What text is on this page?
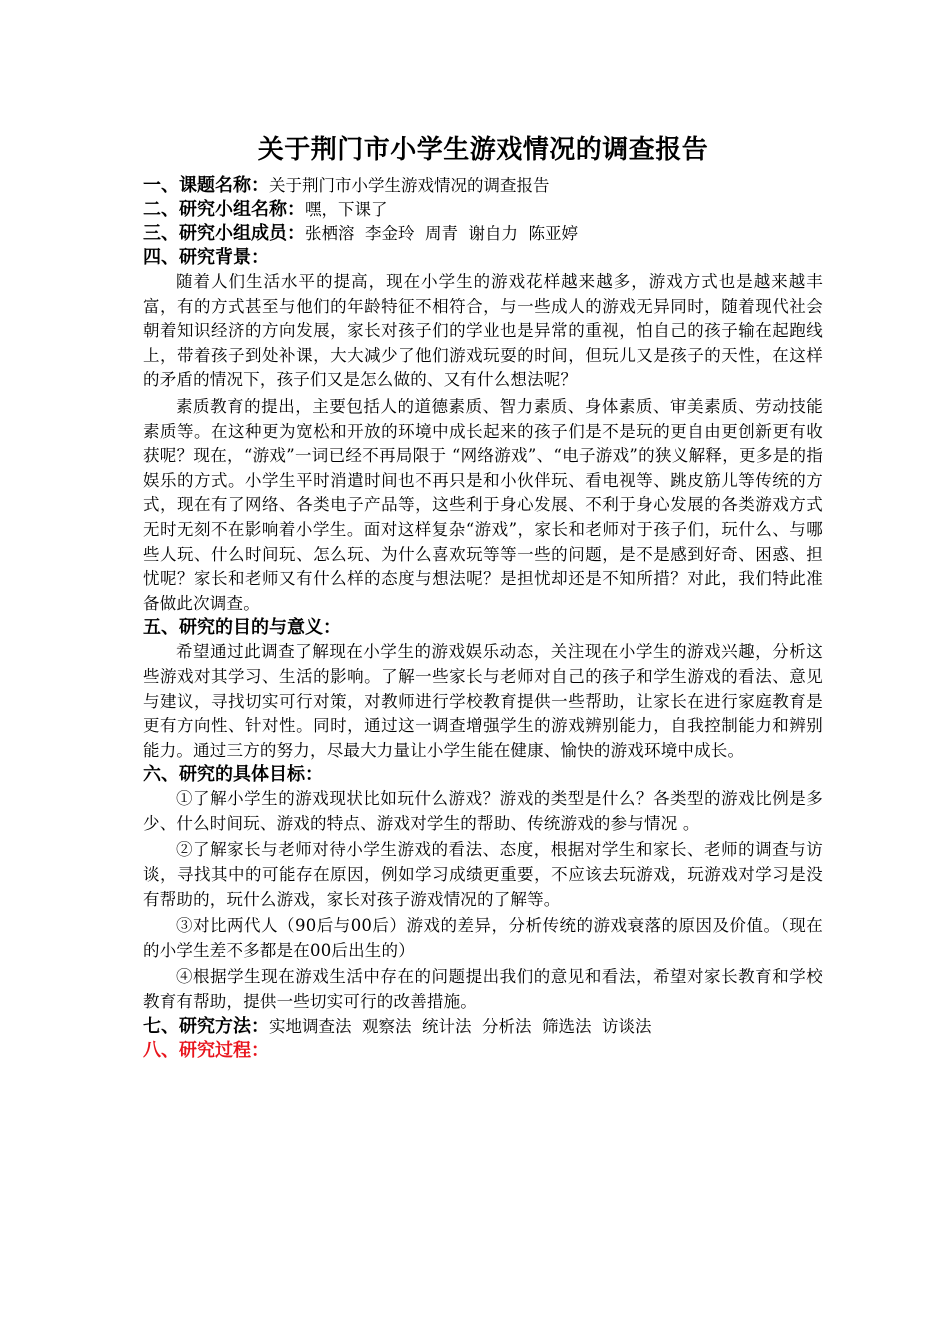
关于荆门市小学生游戏情况的调查报告
一、课题名称：关于荆门市小学生游戏情况的调查报告
二、研究小组名称：嘿，下课了
三、研究小组成员：张栖溶  李金玲  周青  谢自力  陈亚婷
四、研究背景：

随着人们生活水平的提高，现在小学生的游戏花样越来越多，游戏方式也是越来越丰富，有的方式甚至与他们的年龄特征不相符合，与一些成人的游戏无异同时，随着现代社会朝着知识经济的方向发展，家长对孩子们的学业也是异常的重视，怕自己的孩子输在起跑线上，带着孩子到处补课，大大减少了他们游戏玩耍的时间，但玩儿又是孩子的天性，在这样的矛盾的情况下，孩子们又是怎么做的、又有什么想法呢？

素质教育的提出，主要包括人的道德素质、智力素质、身体素质、审美素质、劳动技能素质等。在这种更为宽松和开放的环境中成长起来的孩子们是不是玩的更自由更创新更有收获呢？现在，“游戏”一词已经不再局限于 “网络游戏”、“电子游戏”的狭义解释，更多是的指娱乐的方式。小学生平时消遣时间也不再只是和小伙伴玩、看电视等、跳皮筋儿等传统的方式，现在有了网络、各类电子产品等，这些利于身心发展、不利于身心发展的各类游戏方式无时无刻不在影响着小学生。面对这样复杂“游戏”，家长和老师对于孩子们，玩什么、与哪些人玩、什么时间玩、怎么玩、为什么喜欢玩等等一些的问题，是不是感到好奇、困惑、担忧呢？家长和老师又有什么样的态度与想法呢？是担忧却还是不知所措？对此，我们特此准备做此次调查。

五、研究的目的与意义：

希望通过此调查了解现在小学生的游戏娱乐动态，关注现在小学生的游戏兴趣，分析这些游戏对其学习、生活的影响。了解一些家长与老师对自己的孩子和学生游戏的看法、意见与建议，寻找切实可行对策，对教师进行学校教育提供一些帮助，让家长在进行家庭教育是更有方向性、针对性。同时，通过这一调查增强学生的游戏辨别能力，自我控制能力和辨别能力。通过三方的努力，尽最大力量让小学生能在健康、愉快的游戏环境中成长。

六、研究的具体目标：

①了解小学生的游戏现状比如玩什么游戏？游戏的类型是什么？各类型的游戏比例是多少、什么时间玩、游戏的特点、游戏对学生的帮助、传统游戏的参与情况 。

②了解家长与老师对待小学生游戏的看法、态度，根据对学生和家长、老师的调查与访谈，寻找其中的可能存在原因，例如学习成绩更重要，不应该去玩游戏，玩游戏对学习是没有帮助的，玩什么游戏，家长对孩子游戏情况的了解等。

③对比两代人（90后与00后）游戏的差异，分析传统的游戏衰落的原因及价值。（现在的小学生差不多都是在00后出生的）

④根据学生现在游戏生活中存在的问题提出我们的意见和看法，希望对家长教育和学校教育有帮助，提供一些切实可行的改善措施。

七、研究方法：实地调查法  观察法  统计法  分析法  筛选法  访谈法
八、研究过程：
